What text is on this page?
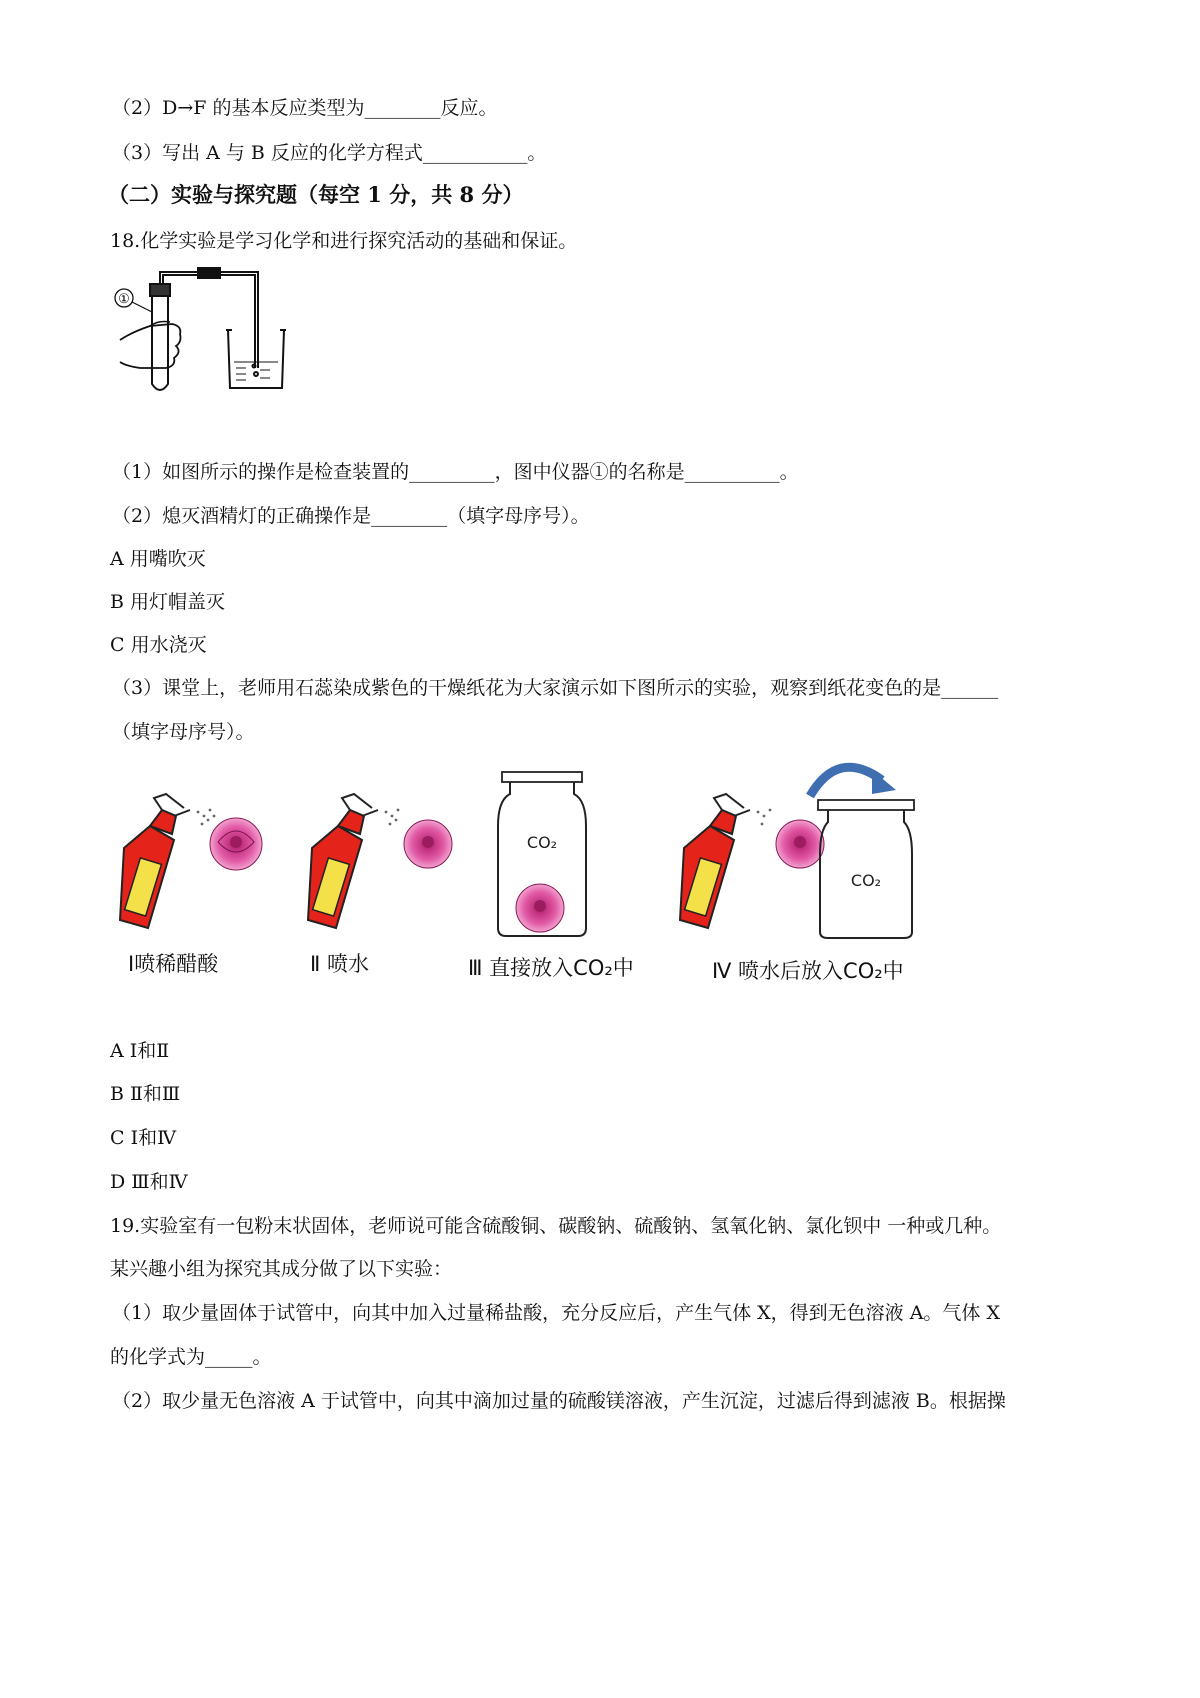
（2）D→F 的基本反应类型为________反应。
（3）写出 A 与 B 反应的化学方程式___________。
（二）实验与探究题（每空 1 分，共 8 分）
18.化学实验是学习化学和进行探究活动的基础和保证。
①
（1）如图所示的操作是检查装置的_________，图中仪器①的名称是__________。
（2）熄灭酒精灯的正确操作是________（填字母序号）。
A 用嘴吹灭
B 用灯帽盖灭
C 用水浇灭
（3）课堂上，老师用石蕊染成紫色的干燥纸花为大家演示如下图所示的实验，观察到纸花变色的是______
（填字母序号）。
CO₂
CO₂
Ⅰ喷稀醋酸	Ⅱ 喷水	Ⅲ 直接放入CO₂中	Ⅳ 喷水后放入CO₂中
A Ⅰ和Ⅱ
B Ⅱ和Ⅲ
C Ⅰ和Ⅳ
D Ⅲ和Ⅳ
19.实验室有一包粉末状固体，老师说可能含硫酸铜、碳酸钠、硫酸钠、氢氧化钠、氯化钡中 一种或几种。
某兴趣小组为探究其成分做了以下实验：
（1）取少量固体于试管中，向其中加入过量稀盐酸，充分反应后，产生气体 X，得到无色溶液 A。气体 X
的化学式为_____。
（2）取少量无色溶液 A 于试管中，向其中滴加过量的硫酸镁溶液，产生沉淀，过滤后得到滤液 B。根据操
